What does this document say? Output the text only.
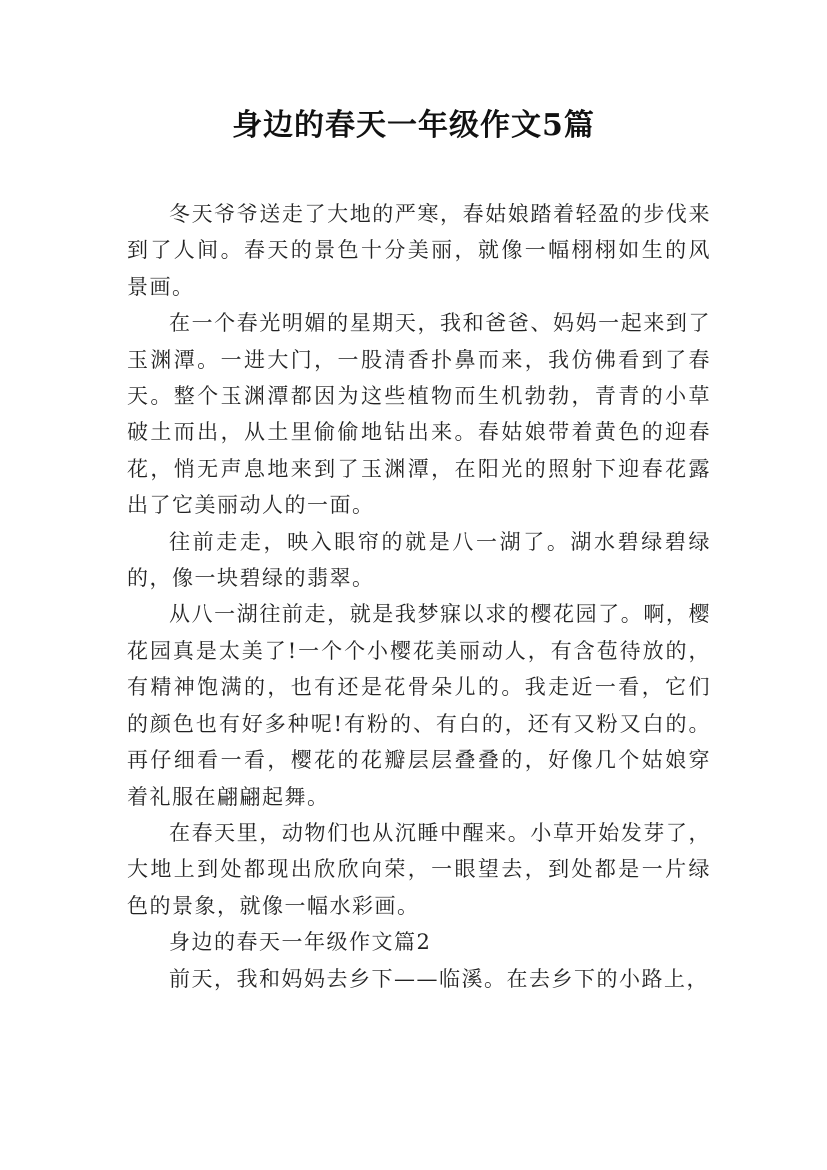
身边的春天一年级作文5篇

冬天爷爷送走了大地的严寒，春姑娘踏着轻盈的步伐来到了人间。春天的景色十分美丽，就像一幅栩栩如生的风景画。

在一个春光明媚的星期天，我和爸爸、妈妈一起来到了玉渊潭。一进大门，一股清香扑鼻而来，我仿佛看到了春天。整个玉渊潭都因为这些植物而生机勃勃，青青的小草破土而出，从土里偷偷地钻出来。春姑娘带着黄色的迎春花，悄无声息地来到了玉渊潭，在阳光的照射下迎春花露出了它美丽动人的一面。

往前走走，映入眼帘的就是八一湖了。湖水碧绿碧绿的，像一块碧绿的翡翠。

从八一湖往前走，就是我梦寐以求的樱花园了。啊，樱花园真是太美了!一个个小樱花美丽动人，有含苞待放的，有精神饱满的，也有还是花骨朵儿的。我走近一看，它们的颜色也有好多种呢!有粉的、有白的，还有又粉又白的。再仔细看一看，樱花的花瓣层层叠叠的，好像几个姑娘穿着礼服在翩翩起舞。

在春天里，动物们也从沉睡中醒来。小草开始发芽了，大地上到处都现出欣欣向荣，一眼望去，到处都是一片绿色的景象，就像一幅水彩画。

身边的春天一年级作文篇2

前天，我和妈妈去乡下——临溪。在去乡下的小路上，
